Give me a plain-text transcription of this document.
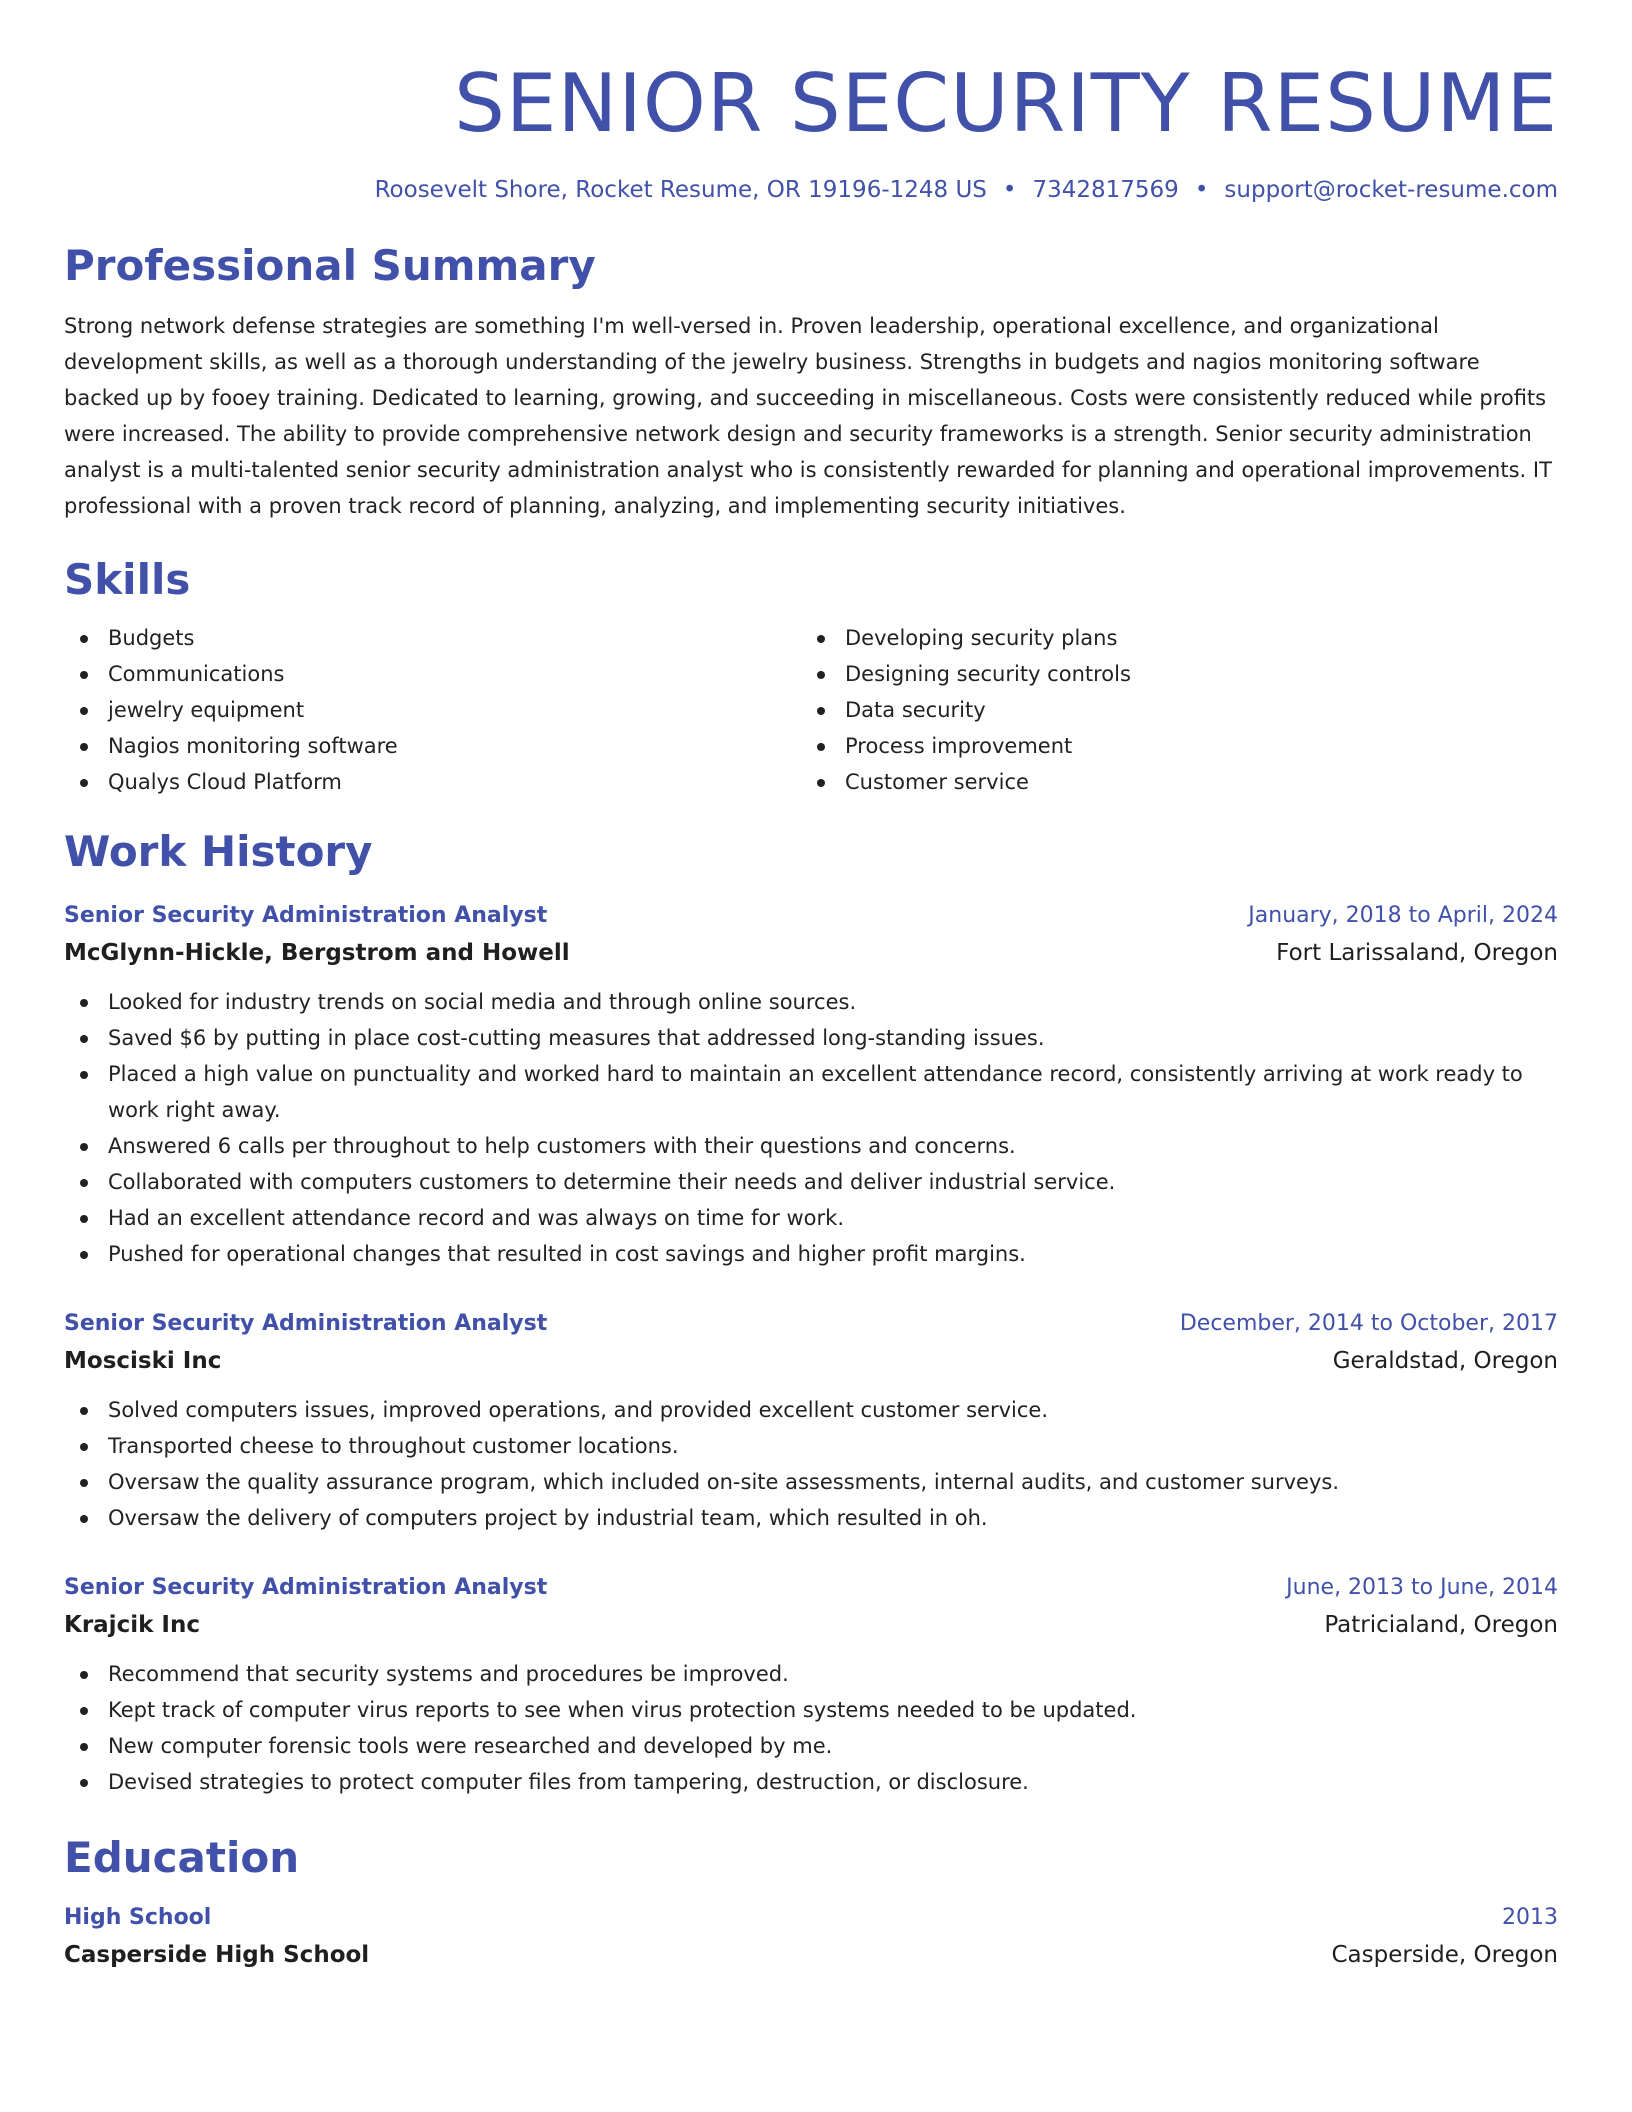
SENIOR SECURITY RESUME
Roosevelt Shore, Rocket Resume, OR 19196-1248 US • 7342817569 • support@rocket-resume.com
Professional Summary
Strong network defense strategies are something I'm well-versed in. Proven leadership, operational excellence, and organizational development skills, as well as a thorough understanding of the jewelry business. Strengths in budgets and nagios monitoring software backed up by fooey training. Dedicated to learning, growing, and succeeding in miscellaneous. Costs were consistently reduced while profits were increased. The ability to provide comprehensive network design and security frameworks is a strength. Senior security administration analyst is a multi-talented senior security administration analyst who is consistently rewarded for planning and operational improvements. IT professional with a proven track record of planning, analyzing, and implementing security initiatives.
Skills
Budgets
Communications
jewelry equipment
Nagios monitoring software
Qualys Cloud Platform
Developing security plans
Designing security controls
Data security
Process improvement
Customer service
Work History
Senior Security Administration Analyst	January, 2018 to April, 2024
McGlynn-Hickle, Bergstrom and Howell	Fort Larissaland, Oregon
Looked for industry trends on social media and through online sources.
Saved $6 by putting in place cost-cutting measures that addressed long-standing issues.
Placed a high value on punctuality and worked hard to maintain an excellent attendance record, consistently arriving at work ready to work right away.
Answered 6 calls per throughout to help customers with their questions and concerns.
Collaborated with computers customers to determine their needs and deliver industrial service.
Had an excellent attendance record and was always on time for work.
Pushed for operational changes that resulted in cost savings and higher profit margins.
Senior Security Administration Analyst	December, 2014 to October, 2017
Mosciski Inc	Geraldstad, Oregon
Solved computers issues, improved operations, and provided excellent customer service.
Transported cheese to throughout customer locations.
Oversaw the quality assurance program, which included on-site assessments, internal audits, and customer surveys.
Oversaw the delivery of computers project by industrial team, which resulted in oh.
Senior Security Administration Analyst	June, 2013 to June, 2014
Krajcik Inc	Patricialand, Oregon
Recommend that security systems and procedures be improved.
Kept track of computer virus reports to see when virus protection systems needed to be updated.
New computer forensic tools were researched and developed by me.
Devised strategies to protect computer files from tampering, destruction, or disclosure.
Education
High School	2013
Casperside High School	Casperside, Oregon
